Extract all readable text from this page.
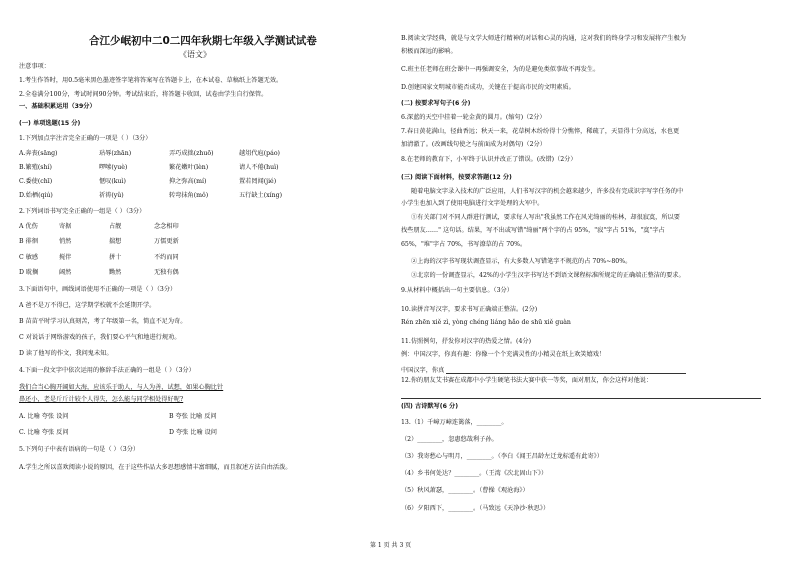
合江少岷初中二0二四年秋期七年级入学测试试卷
《语文》
注意事项：
1.考生作答时，用0.5毫米黑色墨迹签字笔将答案写在答题卡上，在本试卷、草稿纸上答题无效。
2.全卷满分100分，考试时间90分钟。考试结束后，将答题卡收回，试卷由学生自行保管。
一、基础积累运用（39分）
(一) 单项选题(15 分)
1.下列加点字注音完全正确的一项是（ ）（3分）
A.奔丧(sānɡ)	玷辱(zhān)	弄巧成拙(zhuō)	越俎代庖(páo)
B.繁殖(shí)	啰嗦(yuè)	繁花嫩叶(lèn)	请人不倦(huì)
C.委使(chī)	惬叹(kuì)	抑之弥高(mí)	置若罔闻(jié)
D.始栖(qiú)	祈祷(yǔ)	转弯抹角(mǒ)	五行缺土(xíng)
2.下列词语书写完全正确的一组是（ ）（3分）
A 优伤	寄据	占靓	念念相印
B 徘徊	悄然	揣想	万儒更新
C 敏感	搅伴	拼十	不约而同
D 耽搁	阔然	黝然	无独有偶
3.下面语句中，画线词语使用不正确的一项是（ ）（3分）
A 爸不是万不得已，这学期学校就不会延期开学。
B 苗苗平时学习认真刻苦，考了年级第一名，简直不足为奇。
C 对说话于网络游戏的孩子，我们要心平气和地进行规劝。
D 读了他写的作文，我问鬼未知。
4.下面一段文字中依次运用的修辞手法正确的一组是（ ）（3分）
我们合当心胸开阔如大海，应该乐于助人，与人为善，试想，如果心胸比针
鼻还小，老是斤斤计较个人得失，怎么能与同学相处得好呢?
A. 比喻 夸张 设问	B 夸张 比喻 反问
C. 比喻 夸张 反问	D 夸张 比喻 设问
5.下列句子中表有语病的一句是（ ）（3分）
A.学生之所以喜欢阅读小说的原因，在于这些作品大多思想感情丰富细腻，而且叙述方法自由活泼。
B.阅读文学经典，就是与文学大师进行精神的对话和心灵的沟通，这对我们的终身学习和发展将产生极为
积极而深远的影响。
C.班主任老师在班会课中一再强调安全，为的是避免类似事故不再发生。
D.创建国家文明城市能否成功，关键在于提高市民的文明素质。
(二) 按要求写句子(6 分)
6.深蓝的天空中挂着一轮金黄的圆月。(缩句)（2分）
7.春日黄花满山，径曲香远；秋天一来，花草树木纷纷得十分憔悴，稀疏了，天显得十分高远，水也更
加清澈了。(改画线句使之与前面成为对偶句)（2分）
8.在老师的教育下，小军终于认识并改正了错误。(改错)（2分）
(三) 阅读下面材料，按要求答题(12 分)
随着电脑文字录入技术的广泛应用，人们书写汉字的机会越来越少，许多没有完成识字写字任务的中
小学生也加入到了使用电脑进行文字处理的大军中。
①有关部门对不同人群进行测试，要求每人写出"我虽然工作在风光绮丽的桂林，却很寂寞，所以要
找些朋友……" 这句话。结果，写不出或写错"绮丽"两个字的占 95%，"寂"字占 51%，"寞"字占
65%，"堆"字占 70%，书写潦草的占 70%。
②上海的汉字书写现状调查显示，有大多数人写错笔字不规范的占 70%~80%。
③北京的一份调查显示，42%的小学生汉字书写达不到语文课程标准所规定的正确端正整洁的要求。
9.从材料中概括出一句主要信息。（3分）
10.读拼音写汉字，要求书写正确端正整洁。(2分)
Rén zhēn xiě zì, yòng chéng liáng hǎo de shū xiě guàn
11.仿照例句，抒发你对汉字的热爱之情。(4分)
例：中国汉字，你真有趣：你像一个个充满灵性的小精灵在纸上欢笑嬉戏！
中国汉字，你真
12.你的朋友艾书赛在成都中小学生硬笔书法大赛中获一等奖，面对朋友，你会这样对他说：
(四) 古诗默写(6 分)
13.（1）千嶂万嶂连篱落，________。
（2）________，忽惠悠哉利子孙。
（3）我寄愁心与明月，________。（李白《闻王昌龄左迁龙标遥有此寄》）
（4）乡书何处达？________。（王湾《次北固山下》）
（5）秋风萧瑟，________。（曹操《观沧海》）
（6）夕阳西下，________。（马致远《天净沙·秋思》）
第 1 页 共 3 页
